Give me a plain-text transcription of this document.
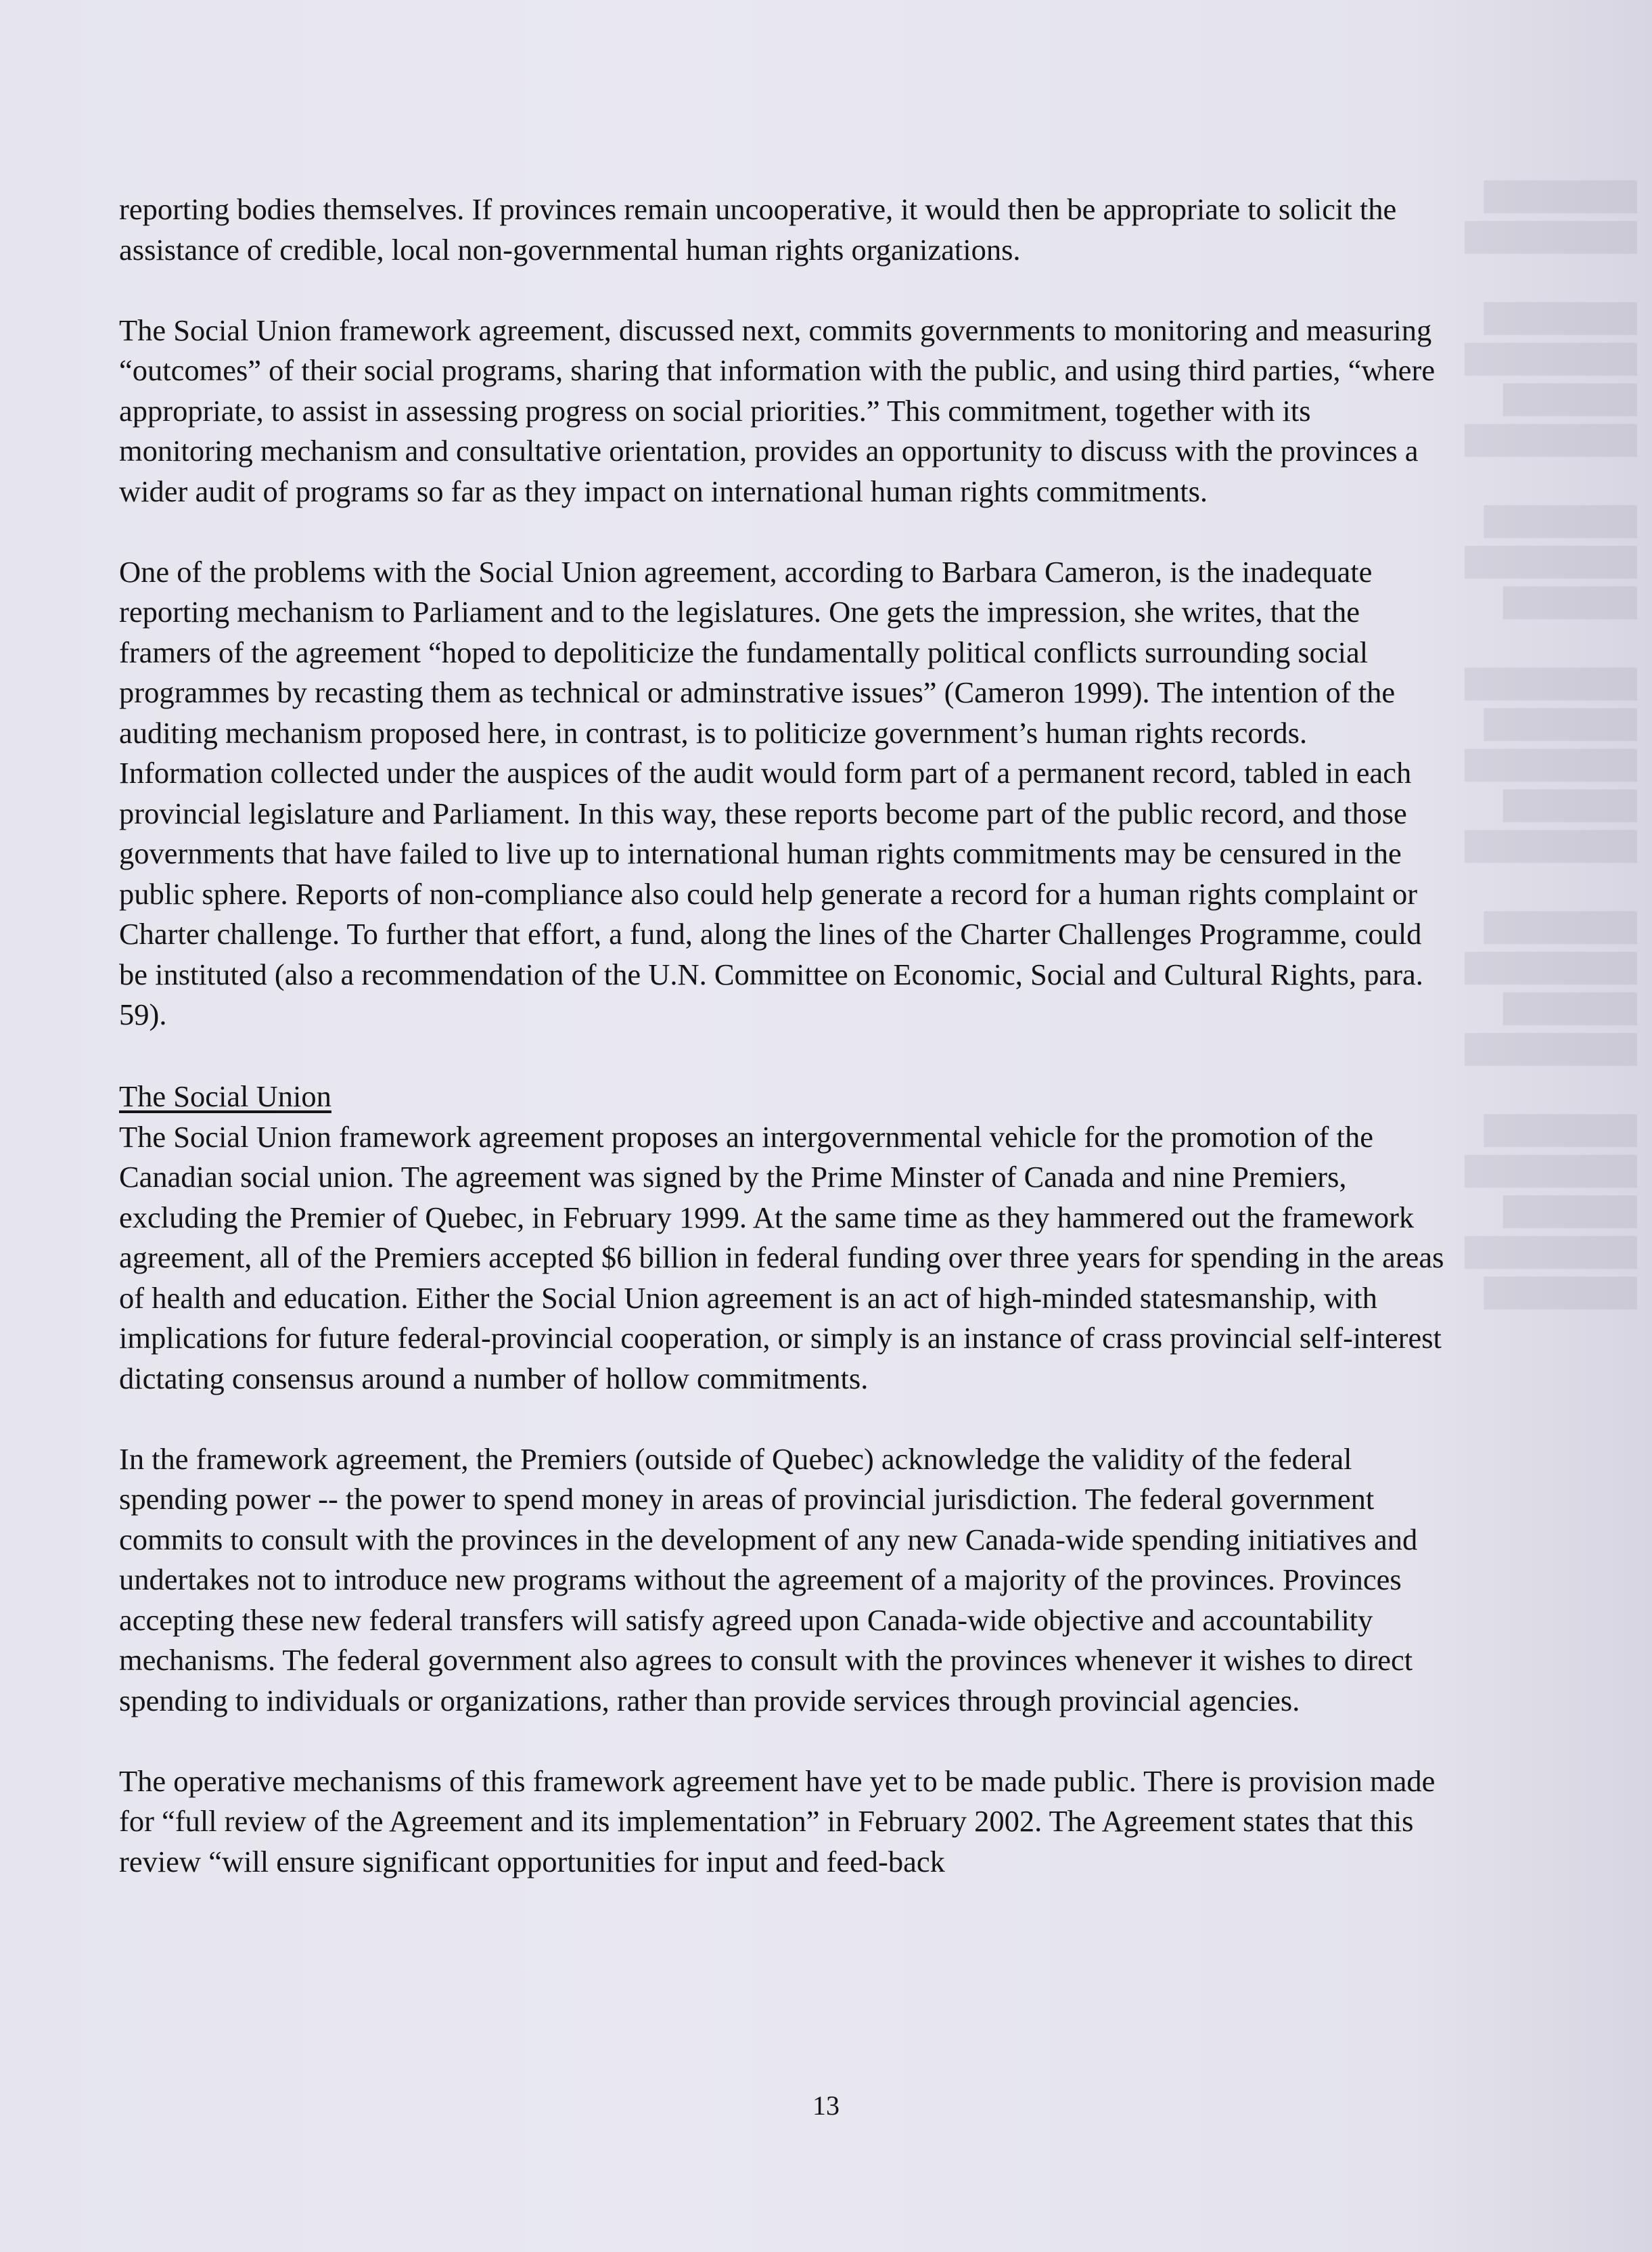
████████
█████████

████████
█████████
███████
█████████

████████
█████████
███████

█████████
████████
█████████
███████
█████████

████████
█████████
███████
█████████

████████
█████████
███████
█████████
████████

reporting bodies themselves. If provinces remain uncooperative, it would then be appropriate to solicit the assistance of credible, local non-governmental human rights organizations.

The Social Union framework agreement, discussed next, commits governments to monitoring and measuring “outcomes” of their social programs, sharing that information with the public, and using third parties, “where appropriate, to assist in assessing progress on social priorities.” This commitment, together with its monitoring mechanism and consultative orientation, provides an opportunity to discuss with the provinces a wider audit of programs so far as they impact on international human rights commitments.

One of the problems with the Social Union agreement, according to Barbara Cameron, is the inadequate reporting mechanism to Parliament and to the legislatures. One gets the impression, she writes, that the framers of the agreement “hoped to depoliticize the fundamentally political conflicts surrounding social programmes by recasting them as technical or adminstrative issues” (Cameron 1999). The intention of the auditing mechanism proposed here, in contrast, is to politicize government’s human rights records. Information collected under the auspices of the audit would form part of a permanent record, tabled in each provincial legislature and Parliament. In this way, these reports become part of the public record, and those governments that have failed to live up to international human rights commitments may be censured in the public sphere. Reports of non-compliance also could help generate a record for a human rights complaint or Charter challenge. To further that effort, a fund, along the lines of the Charter Challenges Programme, could be instituted (also a recommendation of the U.N. Committee on Economic, Social and Cultural Rights, para. 59).

The Social Union

The Social Union framework agreement proposes an intergovernmental vehicle for the promotion of the Canadian social union. The agreement was signed by the Prime Minster of Canada and nine Premiers, excluding the Premier of Quebec, in February 1999. At the same time as they hammered out the framework agreement, all of the Premiers accepted $6 billion in federal funding over three years for spending in the areas of health and education. Either the Social Union agreement is an act of high-minded statesmanship, with implications for future federal-provincial cooperation, or simply is an instance of crass provincial self-interest dictating consensus around a number of hollow commitments.

In the framework agreement, the Premiers (outside of Quebec) acknowledge the validity of the federal spending power -- the power to spend money in areas of provincial jurisdiction. The federal government commits to consult with the provinces in the development of any new Canada-wide spending initiatives and undertakes not to introduce new programs without the agreement of a majority of the provinces. Provinces accepting these new federal transfers will satisfy agreed upon Canada-wide objective and accountability mechanisms. The federal government also agrees to consult with the provinces whenever it wishes to direct spending to individuals or organizations, rather than provide services through provincial agencies.

The operative mechanisms of this framework agreement have yet to be made public. There is provision made for “full review of the Agreement and its implementation” in February 2002. The Agreement states that this review “will ensure significant opportunities for input and feed-back

13
